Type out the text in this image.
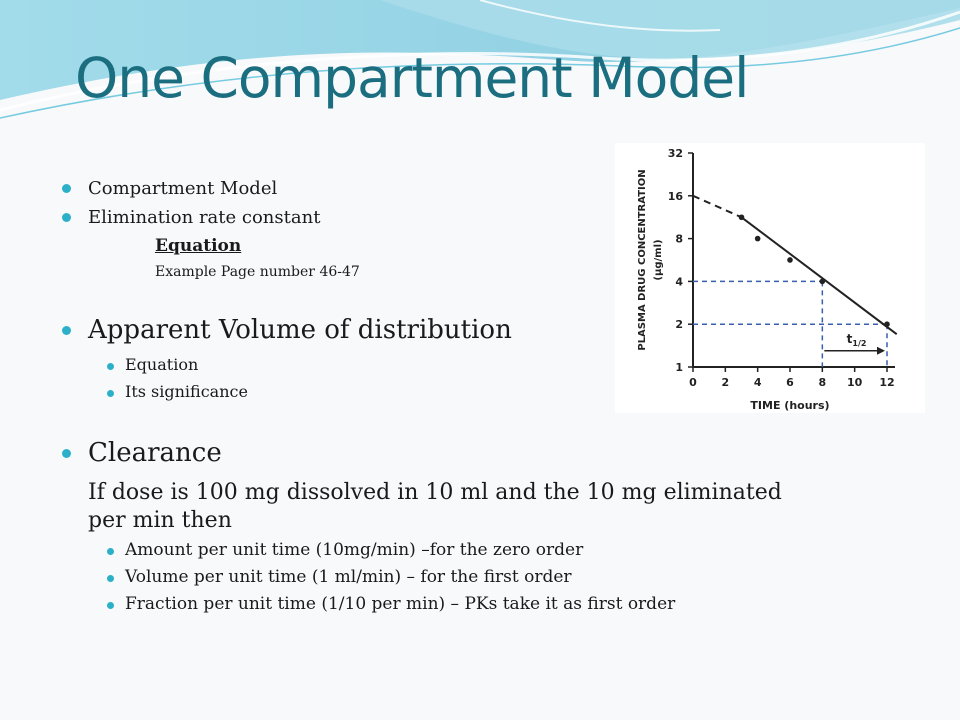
One Compartment Model
Compartment Model
Elimination rate constant
Equation
Example Page number 46-47
Apparent Volume of distribution
Equation
Its significance
Clearance
If dose is 100 mg dissolved in 10 ml and the 10 mg eliminated
per min then
Amount per unit time (10mg/min) –for the zero order
Volume per unit time (1 ml/min) – for the first order
Fraction per unit time (1/10 per min) – PKs take it as first order
1
2
4
8
16
32
0 2 4 6 8 10 12
TIME (hours)
PLASMA DRUG CONCENTRATION (µg/ml)
$t_{1/2}$
